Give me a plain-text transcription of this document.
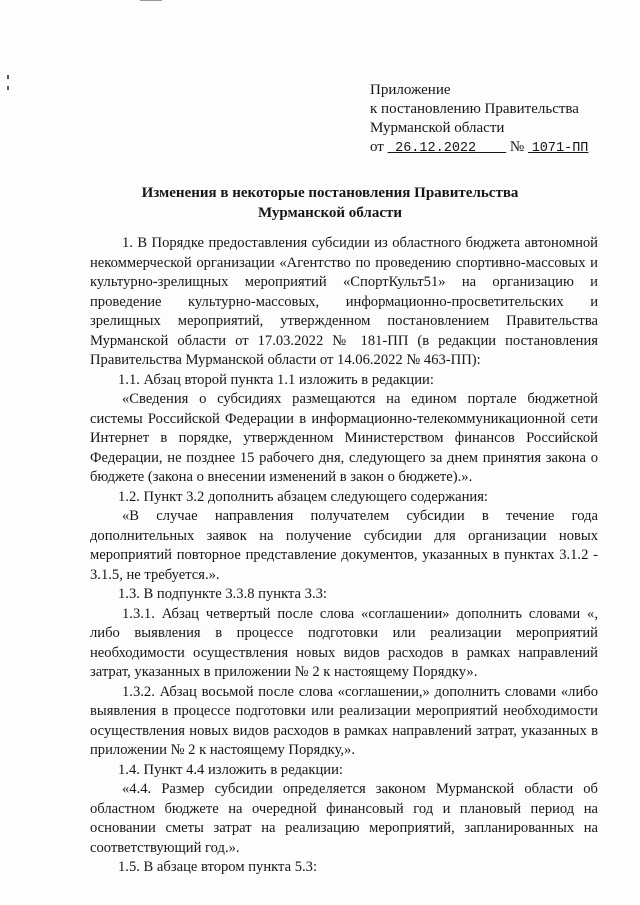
Приложение
к постановлению Правительства
Мурманской области
от 26.12.2022 № 1071-ПП
Изменения в некоторые постановления Правительства
Мурманской области

1. В Порядке предоставления субсидии из областного бюджета автономной некоммерческой организации «Агентство по проведению спортивно-массовых и культурно-зрелищных мероприятий «СпортКульт51» на организацию и проведение культурно-массовых, информационно-просветительских и зрелищных мероприятий, утвержденном постановлением Правительства Мурманской области от 17.03.2022 № 181-ПП (в редакции постановления Правительства Мурманской области от 14.06.2022 № 463-ПП):

1.1. Абзац второй пункта 1.1 изложить в редакции:

«Сведения о субсидиях размещаются на едином портале бюджетной системы Российской Федерации в информационно-телекоммуникационной сети Интернет в порядке, утвержденном Министерством финансов Российской Федерации, не позднее 15 рабочего дня, следующего за днем принятия закона о бюджете (закона о внесении изменений в закон о бюджете).».

1.2. Пункт 3.2 дополнить абзацем следующего содержания:

«В случае направления получателем субсидии в течение года дополнительных заявок на получение субсидии для организации новых мероприятий повторное представление документов, указанных в пунктах 3.1.2 - 3.1.5, не требуется.».

1.3. В подпункте 3.3.8 пункта 3.3:

1.3.1. Абзац четвертый после слова «соглашении» дополнить словами «, либо выявления в процессе подготовки или реализации мероприятий необходимости осуществления новых видов расходов в рамках направлений затрат, указанных в приложении № 2 к настоящему Порядку».

1.3.2. Абзац восьмой после слова «соглашении,» дополнить словами «либо выявления в процессе подготовки или реализации мероприятий необходимости осуществления новых видов расходов в рамках направлений затрат, указанных в приложении № 2 к настоящему Порядку,».

1.4. Пункт 4.4 изложить в редакции:

«4.4. Размер субсидии определяется законом Мурманской области об областном бюджете на очередной финансовый год и плановый период на основании сметы затрат на реализацию мероприятий, запланированных на соответствующий год.».

1.5. В абзаце втором пункта 5.3:
